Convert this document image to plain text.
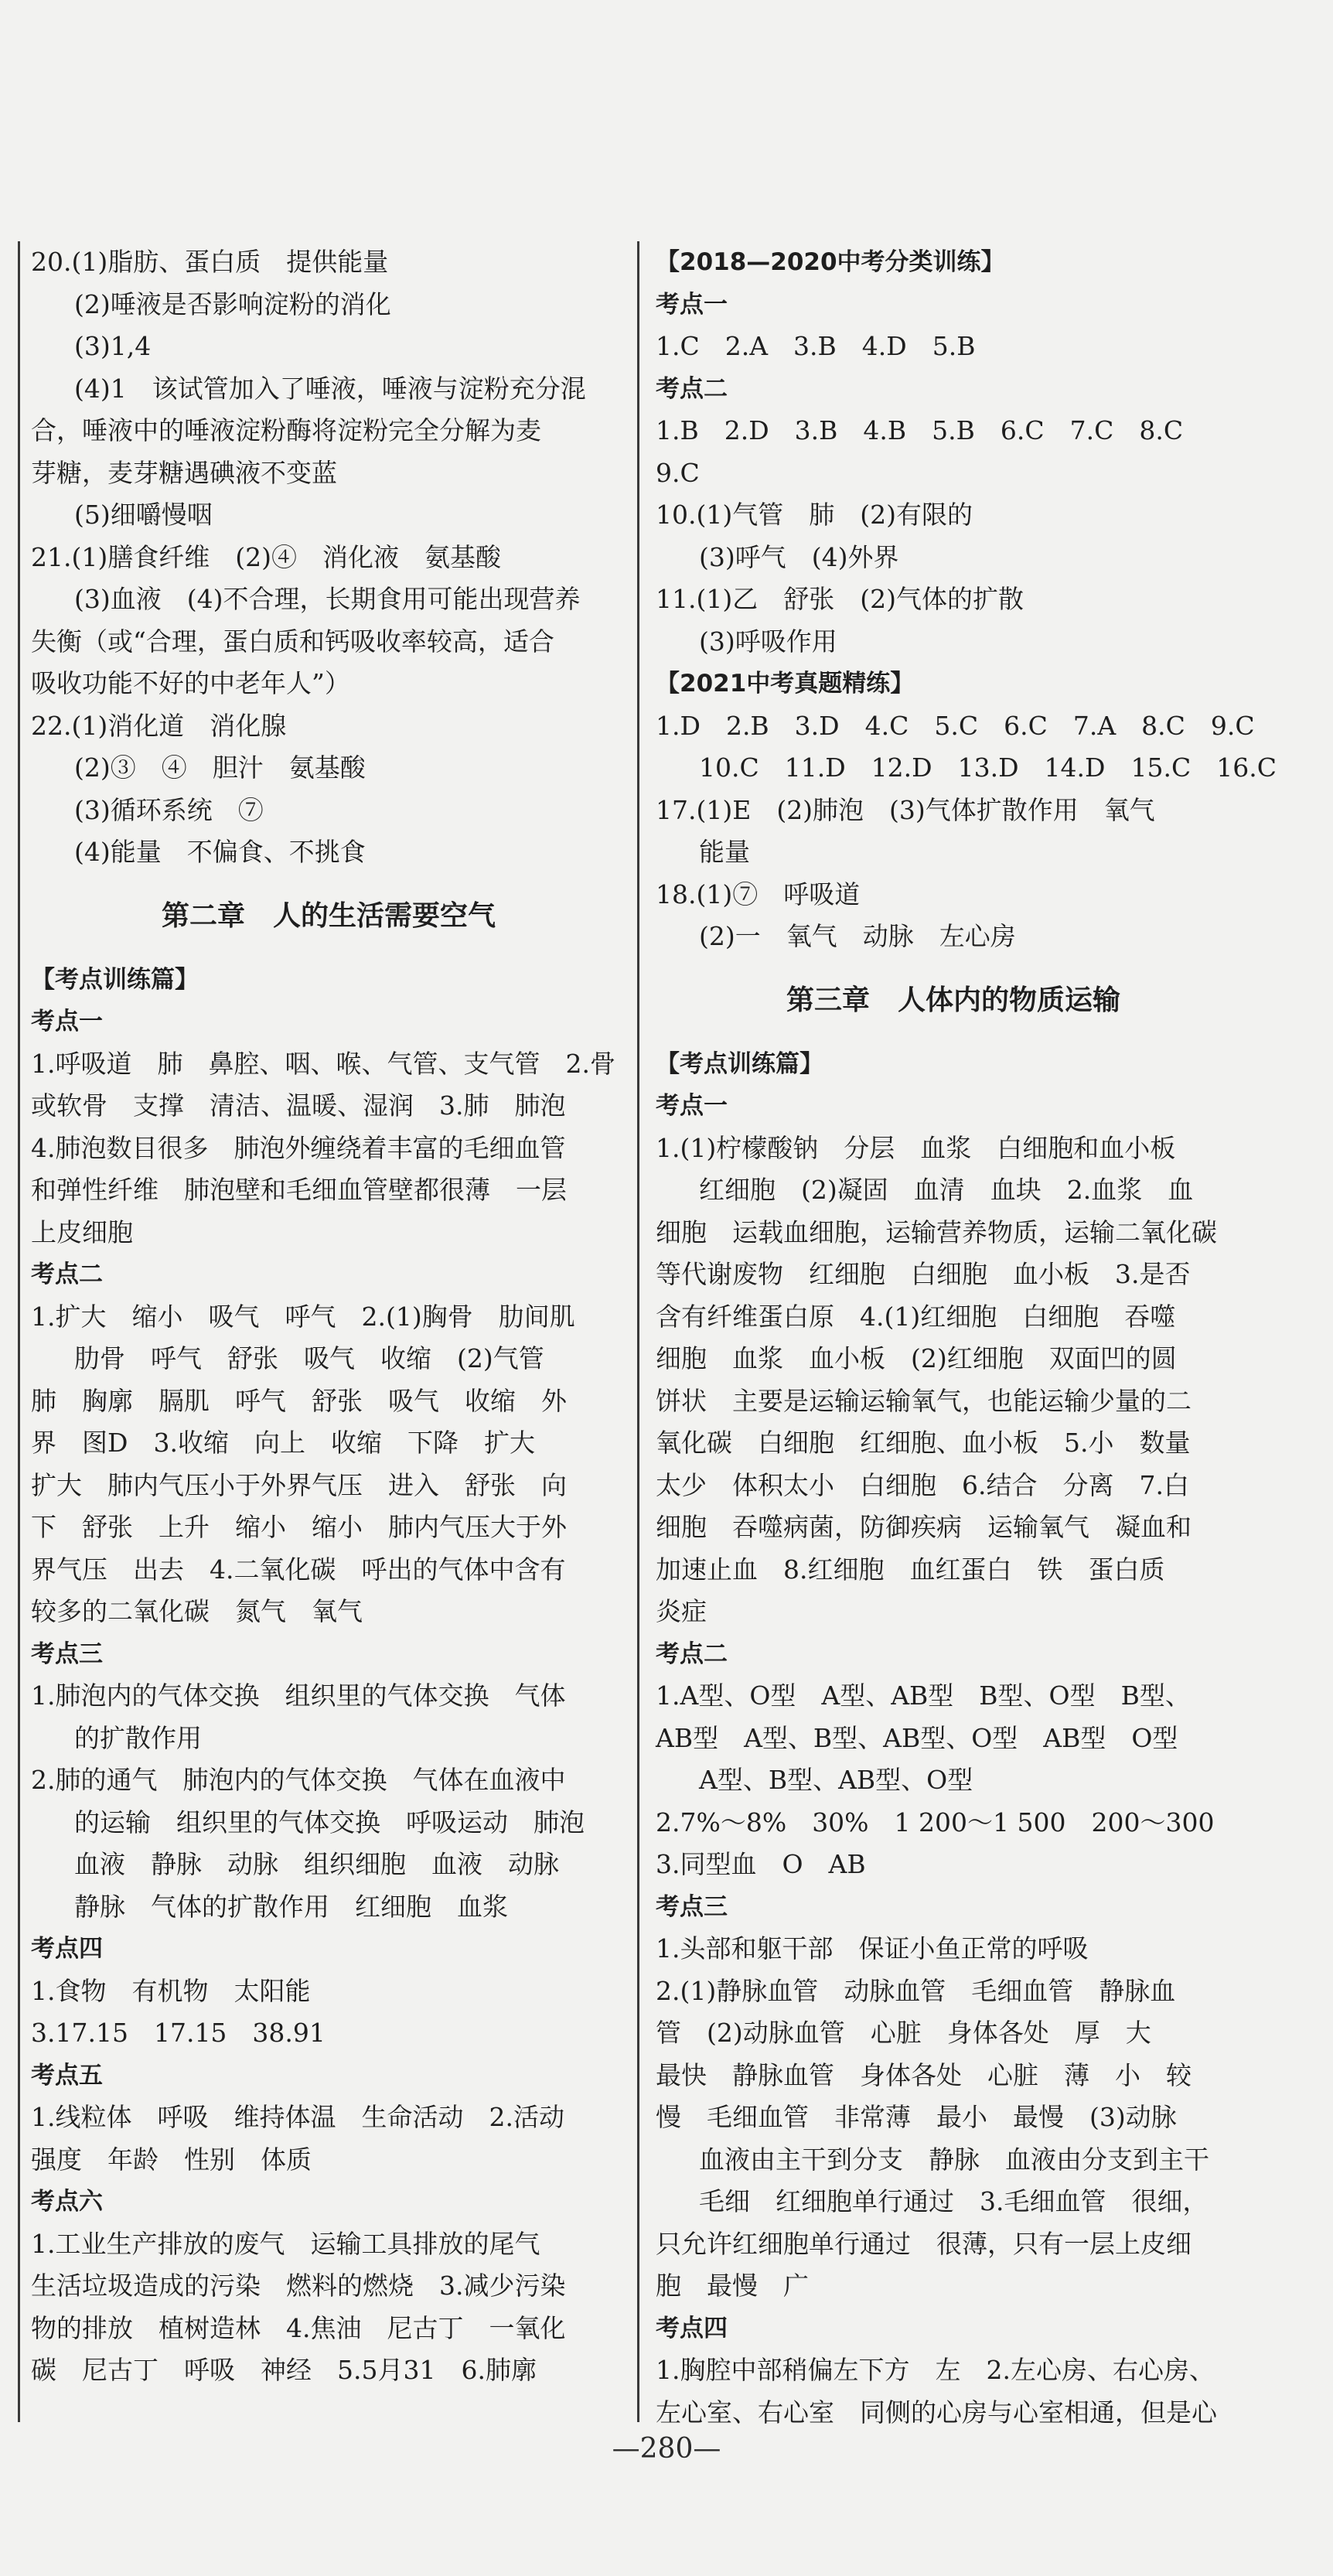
20.(1)脂肪、蛋白质　提供能量
(2)唾液是否影响淀粉的消化
(3)1,4
(4)1　该试管加入了唾液，唾液与淀粉充分混
合，唾液中的唾液淀粉酶将淀粉完全分解为麦
芽糖，麦芽糖遇碘液不变蓝
(5)细嚼慢咽
21.(1)膳食纤维　(2)④　消化液　氨基酸
(3)血液　(4)不合理，长期食用可能出现营养
失衡（或“合理，蛋白质和钙吸收率较高，适合
吸收功能不好的中老年人”）
22.(1)消化道　消化腺
(2)③　④　胆汁　氨基酸
(3)循环系统　⑦
(4)能量　不偏食、不挑食
第二章　人的生活需要空气
【考点训练篇】
考点一
1.呼吸道　肺　鼻腔、咽、喉、气管、支气管　2.骨
或软骨　支撑　清洁、温暖、湿润　3.肺　肺泡
4.肺泡数目很多　肺泡外缠绕着丰富的毛细血管
和弹性纤维　肺泡壁和毛细血管壁都很薄　一层
上皮细胞
考点二
1.扩大　缩小　吸气　呼气　2.(1)胸骨　肋间肌
肋骨　呼气　舒张　吸气　收缩　(2)气管
肺　胸廓　膈肌　呼气　舒张　吸气　收缩　外
界　图D　3.收缩　向上　收缩　下降　扩大
扩大　肺内气压小于外界气压　进入　舒张　向
下　舒张　上升　缩小　缩小　肺内气压大于外
界气压　出去　4.二氧化碳　呼出的气体中含有
较多的二氧化碳　氮气　氧气
考点三
1.肺泡内的气体交换　组织里的气体交换　气体
的扩散作用
2.肺的通气　肺泡内的气体交换　气体在血液中
的运输　组织里的气体交换　呼吸运动　肺泡
血液　静脉　动脉　组织细胞　血液　动脉
静脉　气体的扩散作用　红细胞　血浆
考点四
1.食物　有机物　太阳能
3.17.15　17.15　38.91
考点五
1.线粒体　呼吸　维持体温　生命活动　2.活动
强度　年龄　性别　体质
考点六
1.工业生产排放的废气　运输工具排放的尾气
生活垃圾造成的污染　燃料的燃烧　3.减少污染
物的排放　植树造林　4.焦油　尼古丁　一氧化
碳　尼古丁　呼吸　神经　5.5月31　6.肺廓
【2018—2020中考分类训练】
考点一
1.C　2.A　3.B　4.D　5.B
考点二
1.B　2.D　3.B　4.B　5.B　6.C　7.C　8.C
9.C
10.(1)气管　肺　(2)有限的
(3)呼气　(4)外界
11.(1)乙　舒张　(2)气体的扩散
(3)呼吸作用
【2021中考真题精练】
1.D　2.B　3.D　4.C　5.C　6.C　7.A　8.C　9.C
10.C　11.D　12.D　13.D　14.D　15.C　16.C
17.(1)E　(2)肺泡　(3)气体扩散作用　氧气
能量
18.(1)⑦　呼吸道
(2)一　氧气　动脉　左心房
第三章　人体内的物质运输
【考点训练篇】
考点一
1.(1)柠檬酸钠　分层　血浆　白细胞和血小板
红细胞　(2)凝固　血清　血块　2.血浆　血
细胞　运载血细胞，运输营养物质，运输二氧化碳
等代谢废物　红细胞　白细胞　血小板　3.是否
含有纤维蛋白原　4.(1)红细胞　白细胞　吞噬
细胞　血浆　血小板　(2)红细胞　双面凹的圆
饼状　主要是运输运输氧气，也能运输少量的二
氧化碳　白细胞　红细胞、血小板　5.小　数量
太少　体积太小　白细胞　6.结合　分离　7.白
细胞　吞噬病菌，防御疾病　运输氧气　凝血和
加速止血　8.红细胞　血红蛋白　铁　蛋白质
炎症
考点二
1.A型、O型　A型、AB型　B型、O型　B型、
AB型　A型、B型、AB型、O型　AB型　O型
A型、B型、AB型、O型
2.7%～8%　30%　1 200～1 500　200～300
3.同型血　O　AB
考点三
1.头部和躯干部　保证小鱼正常的呼吸
2.(1)静脉血管　动脉血管　毛细血管　静脉血
管　(2)动脉血管　心脏　身体各处　厚　大
最快　静脉血管　身体各处　心脏　薄　小　较
慢　毛细血管　非常薄　最小　最慢　(3)动脉
血液由主干到分支　静脉　血液由分支到主干
毛细　红细胞单行通过　3.毛细血管　很细，
只允许红细胞单行通过　很薄，只有一层上皮细
胞　最慢　广
考点四
1.胸腔中部稍偏左下方　左　2.左心房、右心房、
左心室、右心室　同侧的心房与心室相通，但是心
—280—
